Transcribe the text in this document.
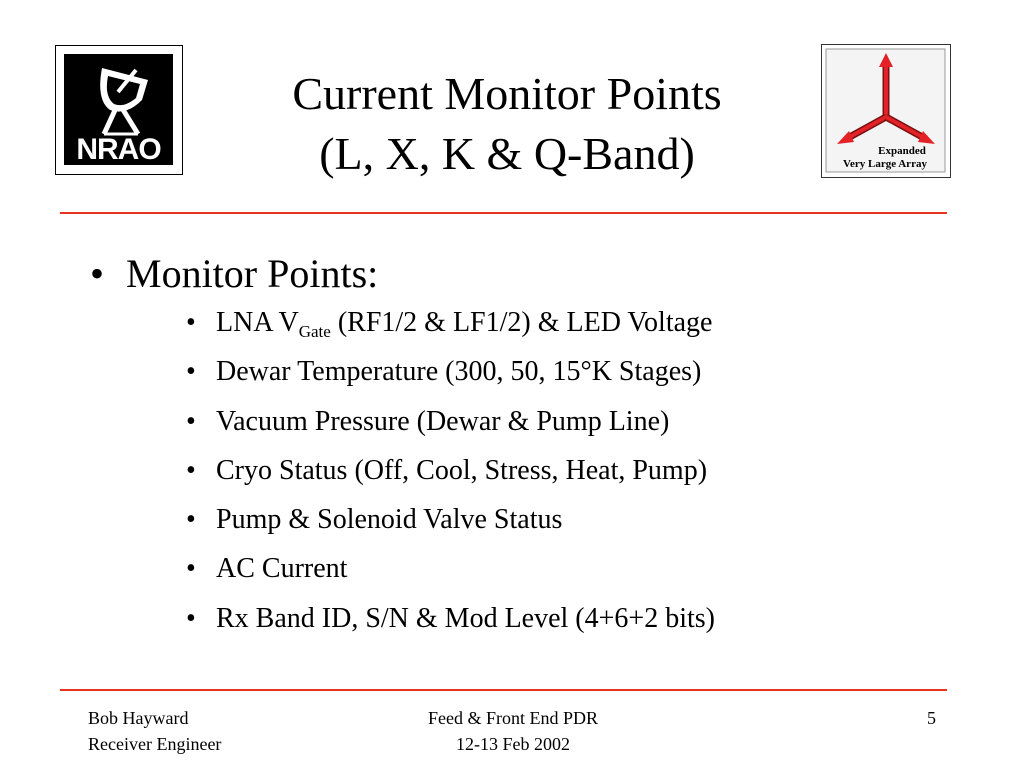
NRAO
Current Monitor Points
(L, X, K & Q-Band)	Expanded
Very Large Array
• Monitor Points:
• LNA $V_{Gate}$ (RF1/2 & LF1/2) & LED Voltage
• Dewar Temperature (300, 50, 15°K Stages)
• Vacuum Pressure (Dewar & Pump Line)
• Cryo Status (Off, Cool, Stress, Heat, Pump)
• Pump & Solenoid Valve Status
• AC Current
• Rx Band ID, S/N & Mod Level (4+6+2 bits)
Bob Hayward
Receiver Engineer
Feed & Front End PDR
12-13 Feb 2002
5
